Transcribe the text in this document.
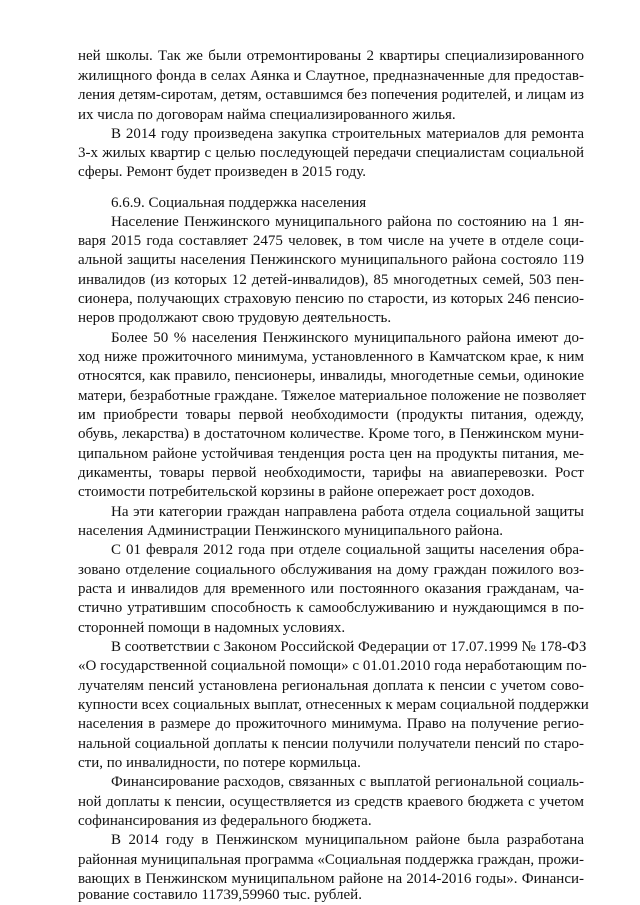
ней школы. Так же были отремонтированы 2 квартиры специализированного
жилищного фонда в селах Аянка и Слаутное, предназначенные для предостав-
ления детям-сиротам, детям, оставшимся без попечения родителей, и лицам из
их числа по договорам найма специализированного жилья.
В 2014 году произведена закупка строительных материалов для ремонта
3-х жилых квартир с целью последующей передачи специалистам социальной
сферы. Ремонт будет произведен в 2015 году.
6.6.9. Социальная поддержка населения
Население Пенжинского муниципального района по состоянию на 1 ян-
варя 2015 года составляет 2475 человек, в том числе на учете в отделе соци-
альной защиты населения Пенжинского муниципального района состояло 119
инвалидов (из которых 12 детей-инвалидов), 85 многодетных семей, 503 пен-
сионера, получающих страховую пенсию по старости, из которых 246 пенсио-
неров продолжают свою трудовую деятельность.
Более 50 % населения Пенжинского муниципального района имеют до-
ход ниже прожиточного минимума, установленного в Камчатском крае, к ним
относятся, как правило, пенсионеры, инвалиды, многодетные семьи, одинокие
матери, безработные граждане. Тяжелое материальное положение не позволяет
им приобрести товары первой необходимости (продукты питания, одежду,
обувь, лекарства) в достаточном количестве. Кроме того, в Пенжинском муни-
ципальном районе устойчивая тенденция роста цен на продукты питания, ме-
дикаменты, товары первой необходимости, тарифы на авиаперевозки. Рост
стоимости потребительской корзины в районе опережает рост доходов.
На эти категории граждан направлена работа отдела социальной защиты
населения Администрации Пенжинского муниципального района.
С 01 февраля 2012 года при отделе социальной защиты населения обра-
зовано отделение социального обслуживания на дому граждан пожилого воз-
раста и инвалидов для временного или постоянного оказания гражданам, ча-
стично утратившим способность к самообслуживанию и нуждающимся в по-
сторонней помощи в надомных условиях.
В соответствии с Законом Российской Федерации от 17.07.1999 № 178-ФЗ
«О государственной социальной помощи» с 01.01.2010 года неработающим по-
лучателям пенсий установлена региональная доплата к пенсии с учетом сово-
купности всех социальных выплат, отнесенных к мерам социальной поддержки
населения в размере до прожиточного минимума. Право на получение регио-
нальной социальной доплаты к пенсии получили получатели пенсий по старо-
сти, по инвалидности, по потере кормильца.
Финансирование расходов, связанных с выплатой региональной социаль-
ной доплаты к пенсии, осуществляется из средств краевого бюджета с учетом
софинансирования из федерального бюджета.
В 2014 году в Пенжинском муниципальном районе была разработана
районная муниципальная программа «Социальная поддержка граждан, прожи-
вающих в Пенжинском муниципальном районе на 2014-2016 годы». Финанси-
рование составило 11739,59960 тыс. рублей.
